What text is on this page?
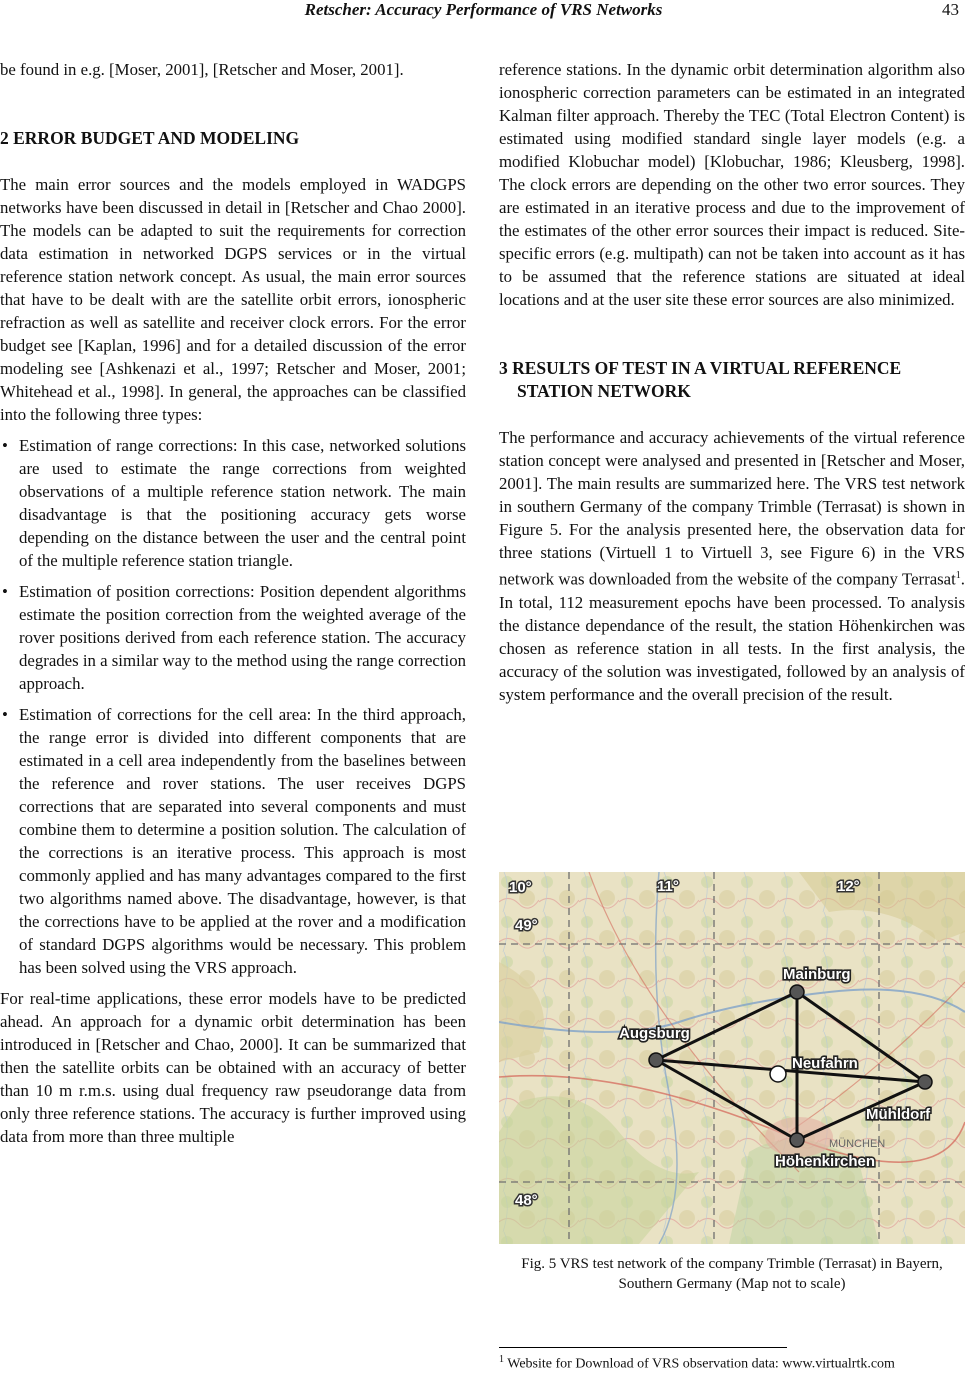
Retscher: Accuracy Performance of VRS Networks	43

be found in e.g. [Moser, 2001], [Retscher and Moser, 2001].

2 ERROR BUDGET AND MODELING

The main error sources and the models employed in WADGPS networks have been discussed in detail in [Retscher and Chao 2000]. The models can be adapted to suit the requirements for correction data estimation in networked DGPS services or in the virtual reference station network concept. As usual, the main error sources that have to be dealt with are the satellite orbit errors, ionospheric refraction as well as satellite and receiver clock errors. For the error budget see [Kaplan, 1996] and for a detailed discussion of the error modeling see [Ashkenazi et al., 1997; Retscher and Moser, 2001; Whitehead et al., 1998]. In general, the approaches can be classified into the following three types:

• Estimation of range corrections: In this case, networked solutions are used to estimate the range corrections from weighted observations of a multiple reference station network. The main disadvantage is that the positioning accuracy gets worse depending on the distance between the user and the central point of the multiple reference station triangle.
• Estimation of position corrections: Position dependent algorithms estimate the position correction from the weighted average of the rover positions derived from each reference station. The accuracy degrades in a similar way to the method using the range correction approach.
• Estimation of corrections for the cell area: In the third approach, the range error is divided into different components that are estimated in a cell area independently from the baselines between the reference and rover stations. The user receives DGPS corrections that are separated into several components and must combine them to determine a position solution. The calculation of the corrections is an iterative process. This approach is most commonly applied and has many advantages compared to the first two algorithms named above. The disadvantage, however, is that the corrections have to be applied at the rover and a modification of standard DGPS algorithms would be necessary. This problem has been solved using the VRS approach.

For real-time applications, these error models have to be predicted ahead. An approach for a dynamic orbit determination has been introduced in [Retscher and Chao, 2000]. It can be summarized that then the satellite orbits can be obtained with an accuracy of better than 10 m r.m.s. using dual frequency raw pseudorange data from only three reference stations. The accuracy is further improved using data from more than three multiple

reference stations. In the dynamic orbit determination algorithm also ionospheric correction parameters can be estimated in an integrated Kalman filter approach. Thereby the TEC (Total Electron Content) is estimated using modified standard single layer models (e.g. a modified Klobuchar model) [Klobuchar, 1986; Kleusberg, 1998]. The clock errors are depending on the other two error sources. They are estimated in an iterative process and due to the improvement of the estimates of the other error sources their impact is reduced. Site-specific errors (e.g. multipath) can not be taken into account as it has to be assumed that the reference stations are situated at ideal locations and at the user site these error sources are also minimized.

3 RESULTS OF TEST IN A VIRTUAL REFERENCE STATION NETWORK

The performance and accuracy achievements of the virtual reference station concept were analysed and presented in [Retscher and Moser, 2001]. The main results are summarized here. The VRS test network in southern Germany of the company Trimble (Terrasat) is shown in Figure 5. For the analysis presented here, the observation data for three stations (Virtuell 1 to Virtuell 3, see Figure 6) in the VRS network was downloaded from the website of the company Terrasat$^1$. In total, 112 measurement epochs have been processed. To analysis the distance dependance of the result, the station Höhenkirchen was chosen as reference station in all tests. In the first analysis, the accuracy of the solution was investigated, followed by an analysis of system performance and the overall precision of the result.

MÜNCHEN
10°	11°	12°
49°
48°
Mainburg
Augsburg
Neufahrn
Mühldorf
Höhenkirchen
Fig. 5 VRS test network of the company Trimble (Terrasat) in Bayern, Southern Germany (Map not to scale)
$^1$ Website for Download of VRS observation data: www.virtualrtk.com
